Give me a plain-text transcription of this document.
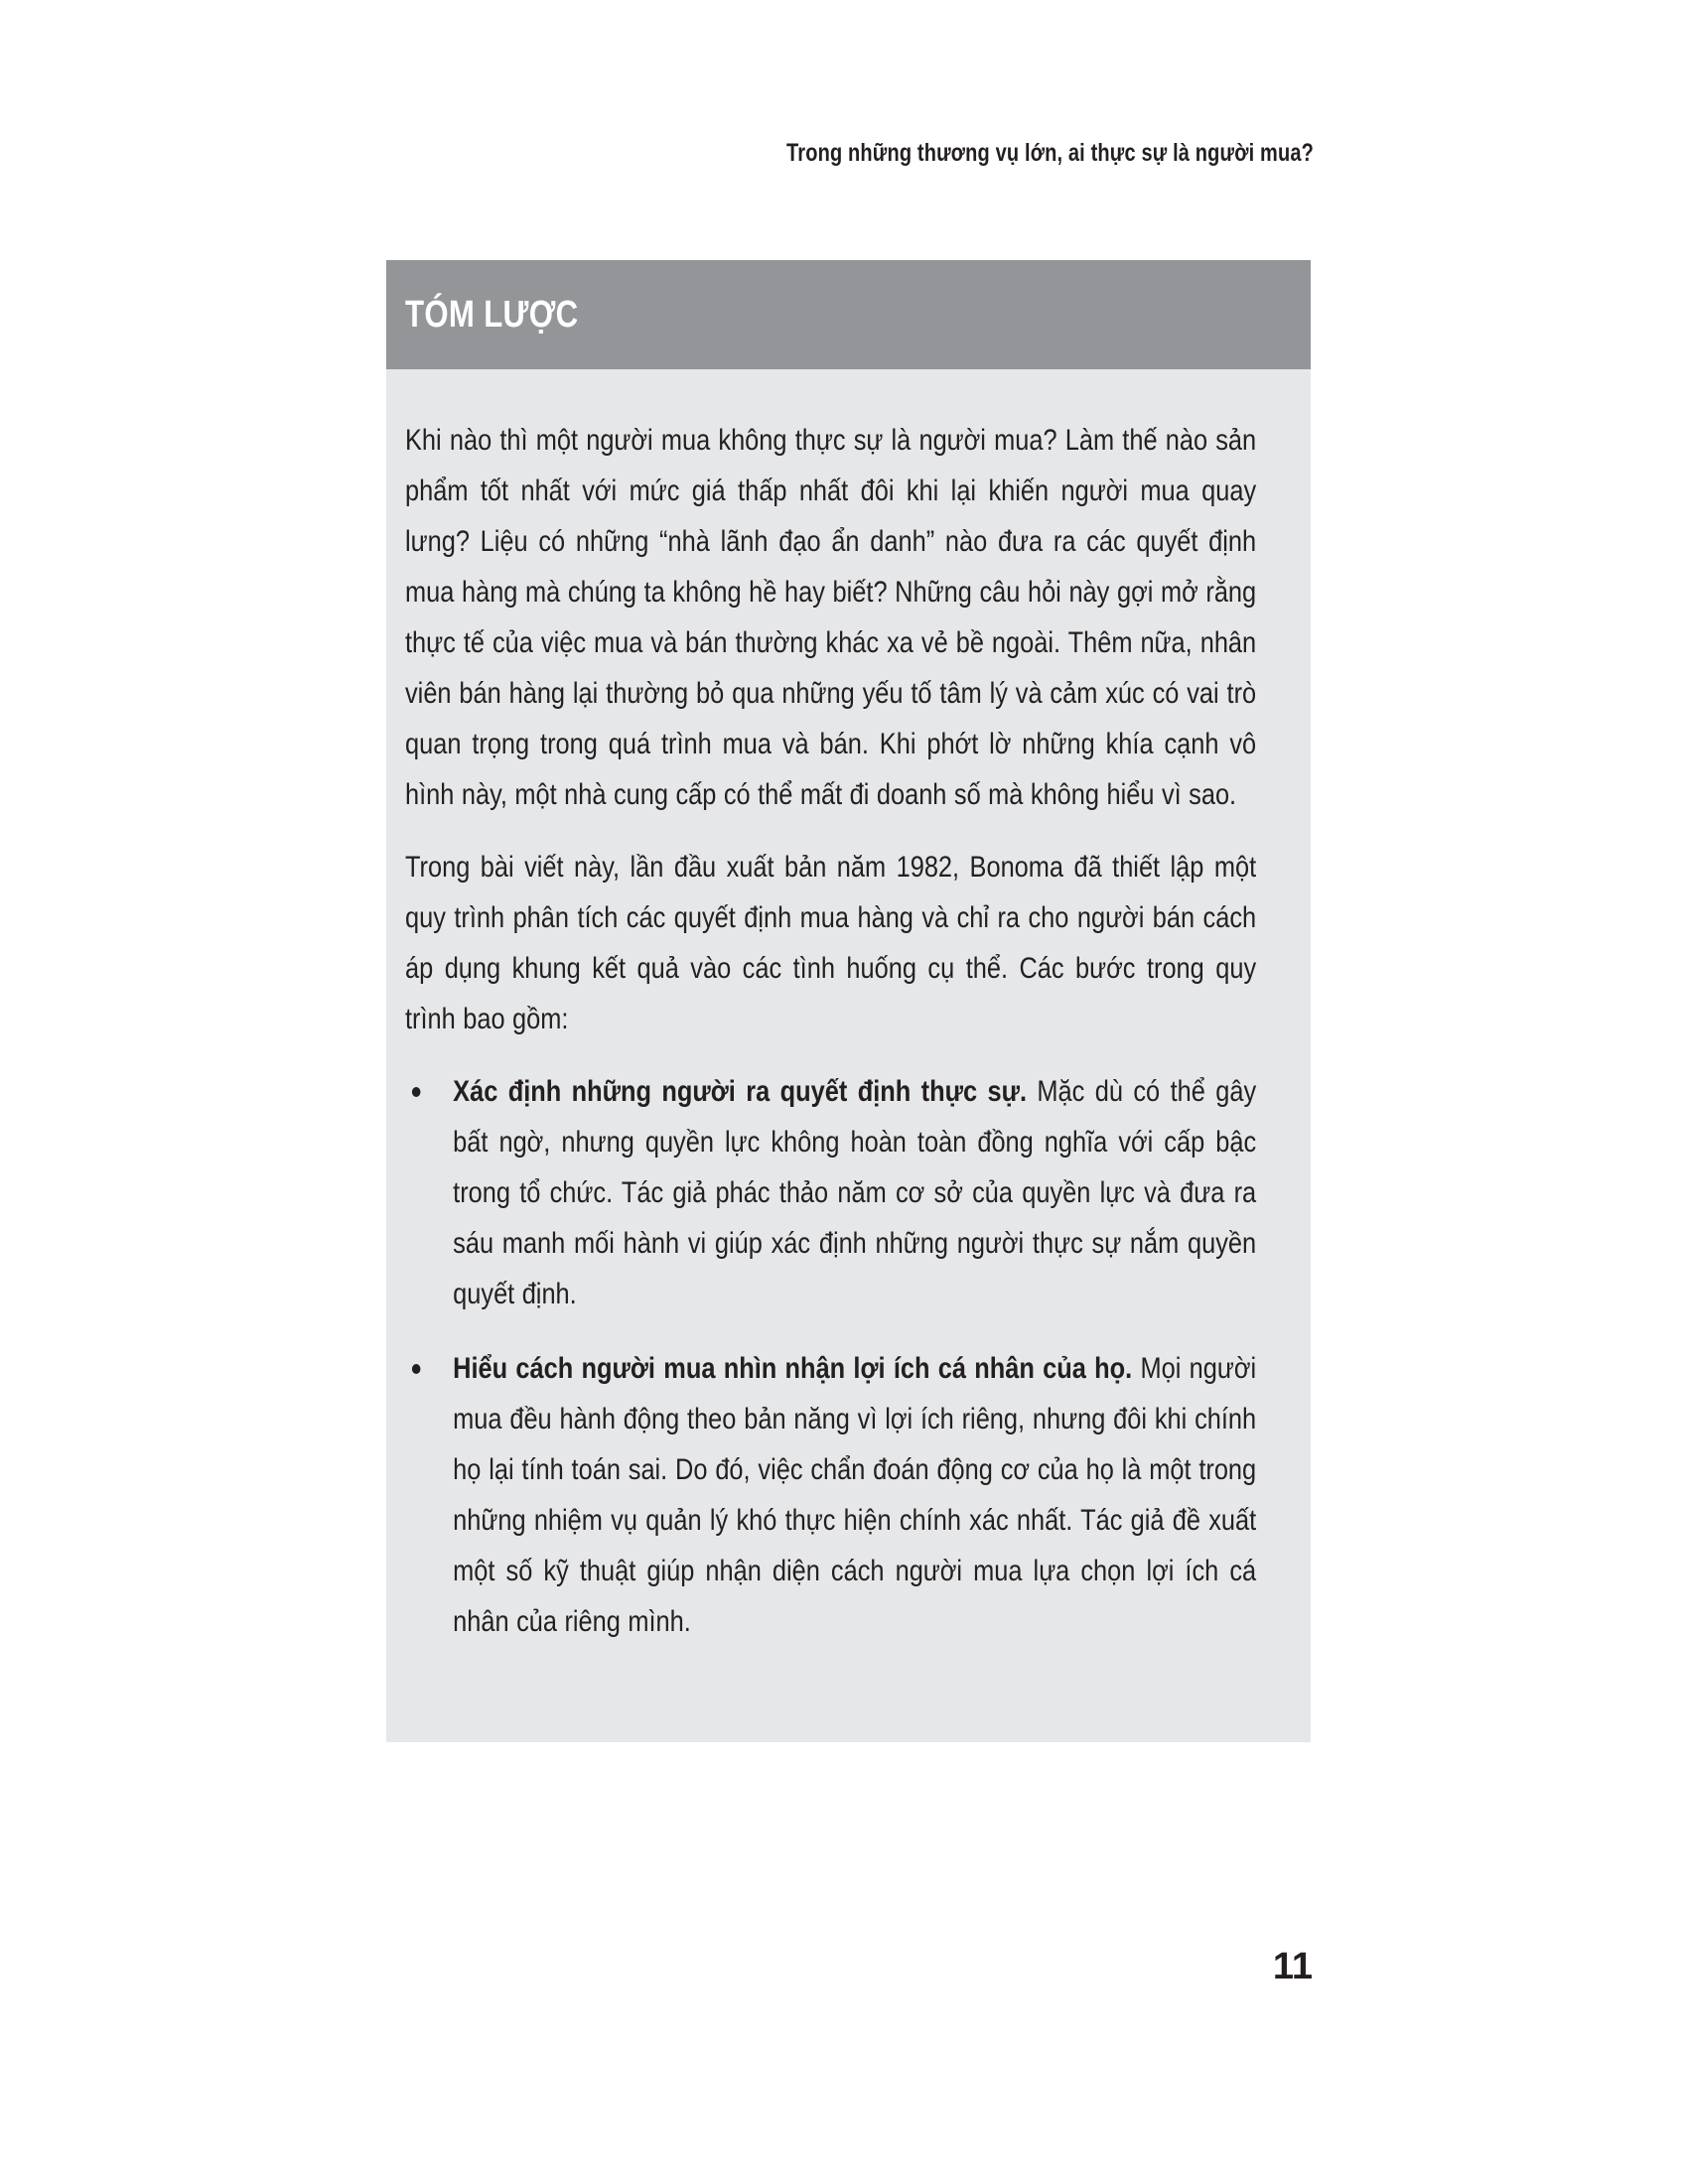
Trong những thương vụ lớn, ai thực sự là người mua?
TÓM LƯỢC

Khi nào thì một người mua không thực sự là người mua? Làm thế nào sản phẩm tốt nhất với mức giá thấp nhất đôi khi lại khiến người mua quay lưng? Liệu có những “nhà lãnh đạo ẩn danh” nào đưa ra các quyết định mua hàng mà chúng ta không hề hay biết? Những câu hỏi này gợi mở rằng thực tế của việc mua và bán thường khác xa vẻ bề ngoài. Thêm nữa, nhân viên bán hàng lại thường bỏ qua những yếu tố tâm lý và cảm xúc có vai trò quan trọng trong quá trình mua và bán. Khi phớt lờ những khía cạnh vô hình này, một nhà cung cấp có thể mất đi doanh số mà không hiểu vì sao.

Trong bài viết này, lần đầu xuất bản năm 1982, Bonoma đã thiết lập một quy trình phân tích các quyết định mua hàng và chỉ ra cho người bán cách áp dụng khung kết quả vào các tình huống cụ thể. Các bước trong quy trình bao gồm:

Xác định những người ra quyết định thực sự. Mặc dù có thể gây bất ngờ, nhưng quyền lực không hoàn toàn đồng nghĩa với cấp bậc trong tổ chức. Tác giả phác thảo năm cơ sở của quyền lực và đưa ra sáu manh mối hành vi giúp xác định những người thực sự nắm quyền quyết định.
Hiểu cách người mua nhìn nhận lợi ích cá nhân của họ. Mọi người mua đều hành động theo bản năng vì lợi ích riêng, nhưng đôi khi chính họ lại tính toán sai. Do đó, việc chẩn đoán động cơ của họ là một trong những nhiệm vụ quản lý khó thực hiện chính xác nhất. Tác giả đề xuất một số kỹ thuật giúp nhận diện cách người mua lựa chọn lợi ích cá nhân của riêng mình.
11
